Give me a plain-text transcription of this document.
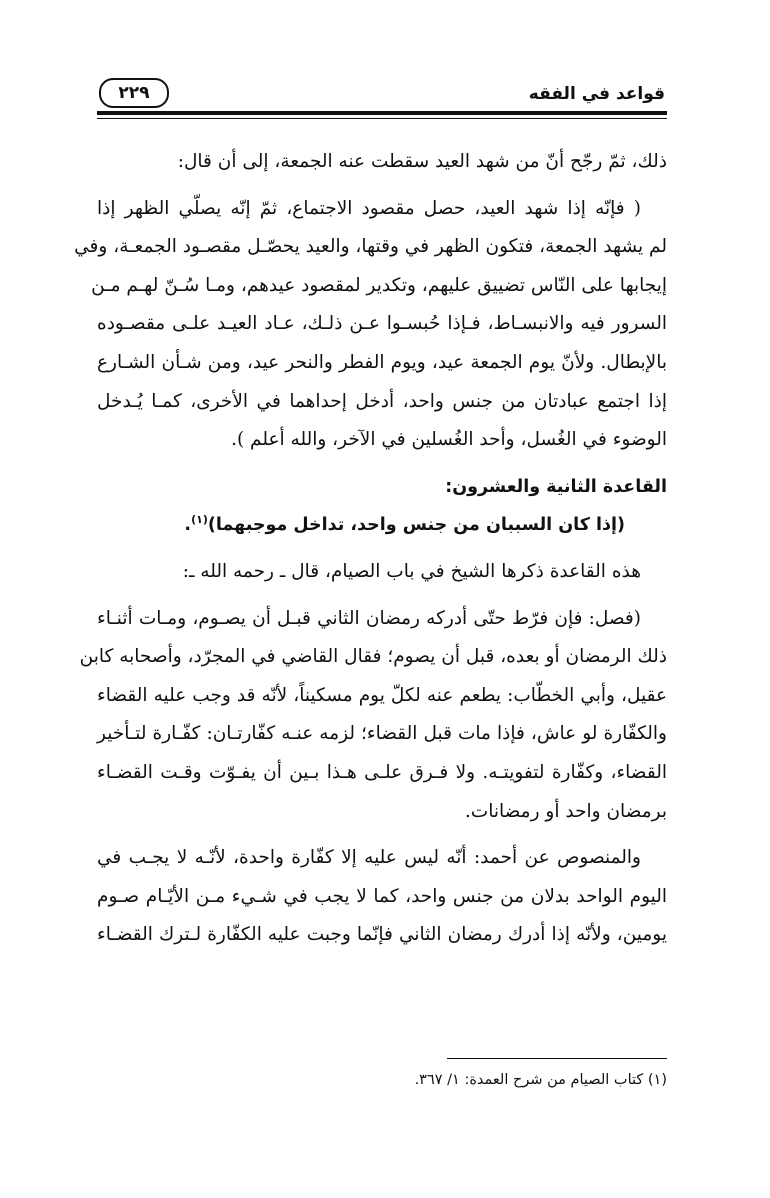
قواعد في الفقه
٢٢٩
ذلك، ثمّ رجّح أنّ من شهد العيد سقطت عنه الجمعة، إلى أن قال:
( فإنّه إذا شهد العيد، حصل مقصود الاجتماع، ثمّ إنّه يصلّي الظهر إذا
لم يشهد الجمعة، فتكون الظهر في وقتها، والعيد يحصّـل مقصـود الجمعـة، وفي
إيجابها على النّاس تضييق عليهم، وتكدير لمقصود عيدهم، ومـا سُـنّ لهـم مـن
السرور فيه والانبسـاط، فـإذا حُبسـوا عـن ذلـك، عـاد العيـد علـى مقصـوده
بالإبطال. ولأنّ يوم الجمعة عيد، ويوم الفطر والنحر عيد، ومن شـأن الشـارع
إذا اجتمع عبادتان من جنس واحد، أدخل إحداهما في الأخرى، كمـا يُـدخل
الوضوء في الغُسل، وأحد الغُسلين في الآخر، والله أعلم ).
القاعدة الثانية والعشرون:
(إذا كان السببان من جنس واحد، تداخل موجبهما)$^{(١)}$.
هذه القاعدة ذكرها الشيخ في باب الصيام، قال ـ رحمه الله ـ:
(فصل: فإن فرّط حتّى أدركه رمضان الثاني قبـل أن يصـوم، ومـات أثنـاء
ذلك الرمضان أو بعده، قبل أن يصوم؛ فقال القاضي في المجرّد، وأصحابه كابن
عقيل، وأبي الخطّاب: يطعم عنه لكلّ يوم مسكيناً، لأنّه قد وجب عليه القضاء
والكفّارة لو عاش، فإذا مات قبل القضاء؛ لزمه عنـه كفّارتـان: كفّـارة لتـأخير
القضاء، وكفّارة لتفويتـه. ولا فـرق علـى هـذا بـين أن يفـوّت وقـت القضـاء
برمضان واحد أو رمضانات.
والمنصوص عن أحمد: أنّه ليس عليه إلا كفّارة واحدة، لأنّـه لا يجـب في
اليوم الواحد بدلان من جنس واحد، كما لا يجب في شـيء مـن الأيّـام صـوم
يومين، ولأنّه إذا أدرك رمضان الثاني فإنّما وجبت عليه الكفّارة لـترك القضـاء
(١) كتاب الصيام من شرح العمدة: ١/ ٣٦٧.
